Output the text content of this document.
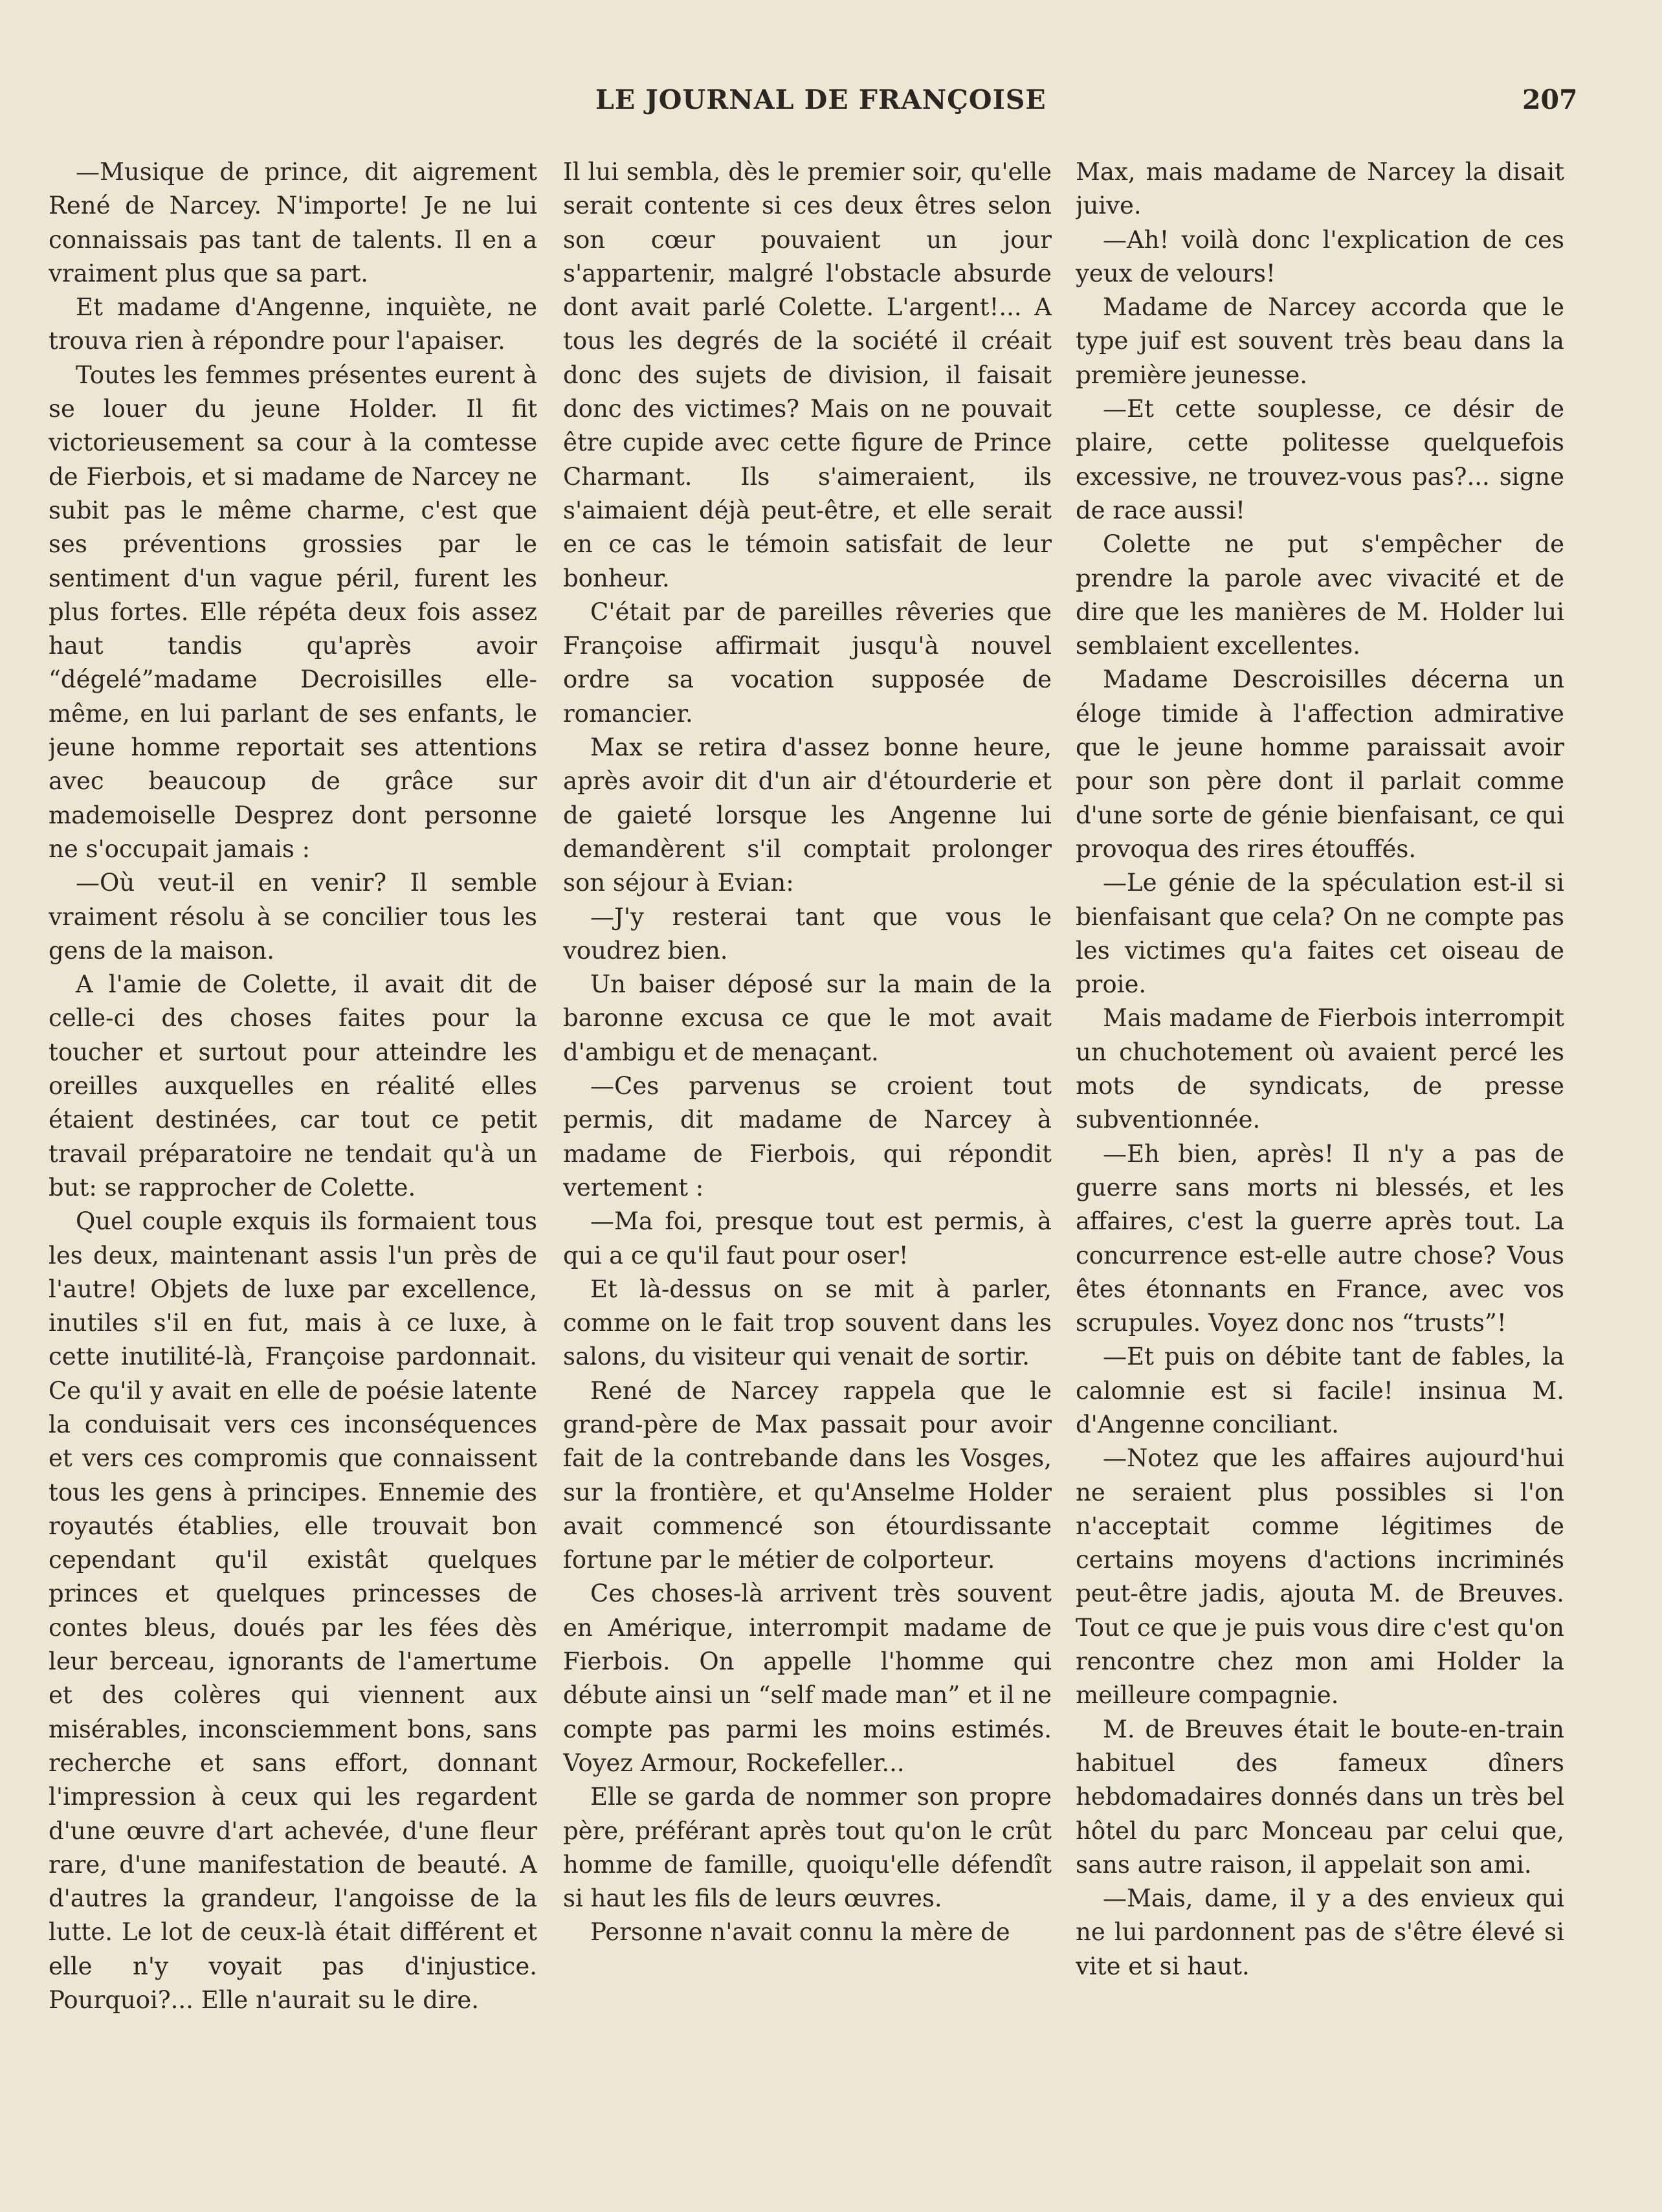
LE JOURNAL DE FRANÇOISE	207

—Musique de prince, dit aigrement René de Narcey. N'importe! Je ne lui connaissais pas tant de talents. Il en a vraiment plus que sa part.

Et madame d'Angenne, inquiète, ne trouva rien à répondre pour l'apaiser.

Toutes les femmes présentes eurent à se louer du jeune Holder. Il fit victorieusement sa cour à la comtesse de Fierbois, et si madame de Narcey ne subit pas le même charme, c'est que ses préventions grossies par le sentiment d'un vague péril, furent les plus fortes. Elle répéta deux fois assez haut tandis qu'après avoir “dégelé”madame Decroisilles elle-même, en lui parlant de ses enfants, le jeune homme reportait ses attentions avec beaucoup de grâce sur mademoiselle Desprez dont personne ne s'occupait jamais :

—Où veut-il en venir? Il semble vraiment résolu à se concilier tous les gens de la maison.

A l'amie de Colette, il avait dit de celle-ci des choses faites pour la toucher et surtout pour atteindre les oreilles auxquelles en réalité elles étaient destinées, car tout ce petit travail préparatoire ne tendait qu'à un but: se rapprocher de Colette.

Quel couple exquis ils formaient tous les deux, maintenant assis l'un près de l'autre! Objets de luxe par excellence, inutiles s'il en fut, mais à ce luxe, à cette inutilité-là, Françoise pardonnait. Ce qu'il y avait en elle de poésie latente la conduisait vers ces inconséquences et vers ces compromis que connaissent tous les gens à principes. Ennemie des royautés établies, elle trouvait bon cependant qu'il existât quelques princes et quelques princesses de contes bleus, doués par les fées dès leur berceau, ignorants de l'amertume et des colères qui viennent aux misérables, inconsciemment bons, sans recherche et sans effort, donnant l'impression à ceux qui les regardent d'une œuvre d'art achevée, d'une fleur rare, d'une manifestation de beauté. A d'autres la grandeur, l'angoisse de la lutte. Le lot de ceux-là était différent et elle n'y voyait pas d'injustice. Pourquoi?... Elle n'aurait su le dire.

Il lui sembla, dès le premier soir, qu'elle serait contente si ces deux êtres selon son cœur pouvaient un jour s'appartenir, malgré l'obstacle absurde dont avait parlé Colette. L'argent!... A tous les degrés de la société il créait donc des sujets de division, il faisait donc des victimes? Mais on ne pouvait être cupide avec cette figure de Prince Charmant. Ils s'aimeraient, ils s'aimaient déjà peut-être, et elle serait en ce cas le témoin satisfait de leur bonheur.

C'était par de pareilles rêveries que Françoise affirmait jusqu'à nouvel ordre sa vocation supposée de romancier.

Max se retira d'assez bonne heure, après avoir dit d'un air d'étourderie et de gaieté lorsque les Angenne lui demandèrent s'il comptait prolonger son séjour à Evian:

—J'y resterai tant que vous le voudrez bien.

Un baiser déposé sur la main de la baronne excusa ce que le mot avait d'ambigu et de menaçant.

—Ces parvenus se croient tout permis, dit madame de Narcey à madame de Fierbois, qui répondit vertement :

—Ma foi, presque tout est permis, à qui a ce qu'il faut pour oser!

Et là-dessus on se mit à parler, comme on le fait trop souvent dans les salons, du visiteur qui venait de sortir.

René de Narcey rappela que le grand-père de Max passait pour avoir fait de la contrebande dans les Vosges, sur la frontière, et qu'Anselme Holder avait commencé son étourdissante fortune par le métier de colporteur.

Ces choses-là arrivent très souvent en Amérique, interrompit madame de Fierbois. On appelle l'homme qui débute ainsi un “self made man” et il ne compte pas parmi les moins estimés. Voyez Armour, Rockefeller...

Elle se garda de nommer son propre père, préférant après tout qu'on le crût homme de famille, quoiqu'elle défendît si haut les fils de leurs œuvres.

Personne n'avait connu la mère de

Max, mais madame de Narcey la disait juive.

—Ah! voilà donc l'explication de ces yeux de velours!

Madame de Narcey accorda que le type juif est souvent très beau dans la première jeunesse.

—Et cette souplesse, ce désir de plaire, cette politesse quelquefois excessive, ne trouvez-vous pas?... signe de race aussi!

Colette ne put s'empêcher de prendre la parole avec vivacité et de dire que les manières de M. Holder lui semblaient excellentes.

Madame Descroisilles décerna un éloge timide à l'affection admirative que le jeune homme paraissait avoir pour son père dont il parlait comme d'une sorte de génie bienfaisant, ce qui provoqua des rires étouffés.

—Le génie de la spéculation est-il si bienfaisant que cela? On ne compte pas les victimes qu'a faites cet oiseau de proie.

Mais madame de Fierbois interrompit un chuchotement où avaient percé les mots de syndicats, de presse subventionnée.

—Eh bien, après! Il n'y a pas de guerre sans morts ni blessés, et les affaires, c'est la guerre après tout. La concurrence est-elle autre chose? Vous êtes étonnants en France, avec vos scrupules. Voyez donc nos “trusts”!

—Et puis on débite tant de fables, la calomnie est si facile! insinua M. d'Angenne conciliant.

—Notez que les affaires aujourd'hui ne seraient plus possibles si l'on n'acceptait comme légitimes de certains moyens d'actions incriminés peut-être jadis, ajouta M. de Breuves. Tout ce que je puis vous dire c'est qu'on rencontre chez mon ami Holder la meilleure compagnie.

M. de Breuves était le boute-en-train habituel des fameux dîners hebdomadaires donnés dans un très bel hôtel du parc Monceau par celui que, sans autre raison, il appelait son ami.

—Mais, dame, il y a des envieux qui ne lui pardonnent pas de s'être élevé si vite et si haut.
